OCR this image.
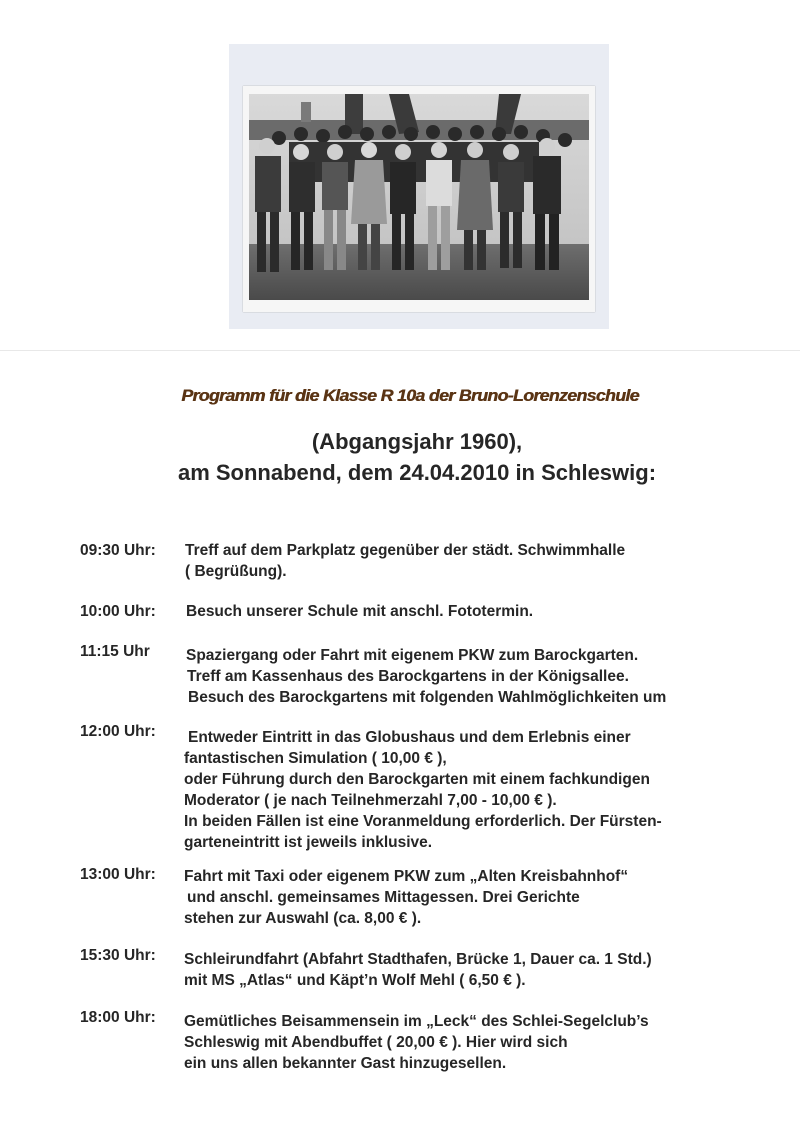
Programm für die Klasse R 10a der Bruno-Lorenzenschule
(Abgangsjahr 1960),
am Sonnabend, dem 24.04.2010 in Schleswig:
09:30 Uhr:	Treff auf dem Parkplatz gegenüber der städt. Schwimmhalle
( Begrüßung).
10:00 Uhr:	Besuch unserer Schule mit anschl. Fototermin.
11:15 Uhr	Spaziergang oder Fahrt mit eigenem PKW zum Barockgarten.
Treff am Kassenhaus des Barockgartens in der Königsallee.
Besuch des Barockgartens mit folgenden Wahlmöglichkeiten um
12:00 Uhr:	Entweder Eintritt in das Globushaus und dem Erlebnis einer
fantastischen Simulation ( 10,00 € ),
oder Führung durch den Barockgarten mit einem fachkundigen
Moderator ( je nach Teilnehmerzahl 7,00 - 10,00 € ).
In beiden Fällen ist eine Voranmeldung erforderlich. Der Fürsten-
garteneintritt ist jeweils inklusive.
13:00 Uhr:	Fahrt mit Taxi oder eigenem PKW zum „Alten Kreisbahnhof“
und anschl. gemeinsames Mittagessen. Drei Gerichte
stehen zur Auswahl (ca. 8,00 € ).
15:30 Uhr:	Schleirundfahrt (Abfahrt Stadthafen, Brücke 1, Dauer ca. 1 Std.)
mit MS „Atlas“ und Käpt’n Wolf Mehl ( 6,50 € ).
18:00 Uhr:	Gemütliches Beisammensein im „Leck“ des Schlei-Segelclub’s
Schleswig mit Abendbuffet ( 20,00 € ). Hier wird sich
ein uns allen bekannter Gast hinzugesellen.
